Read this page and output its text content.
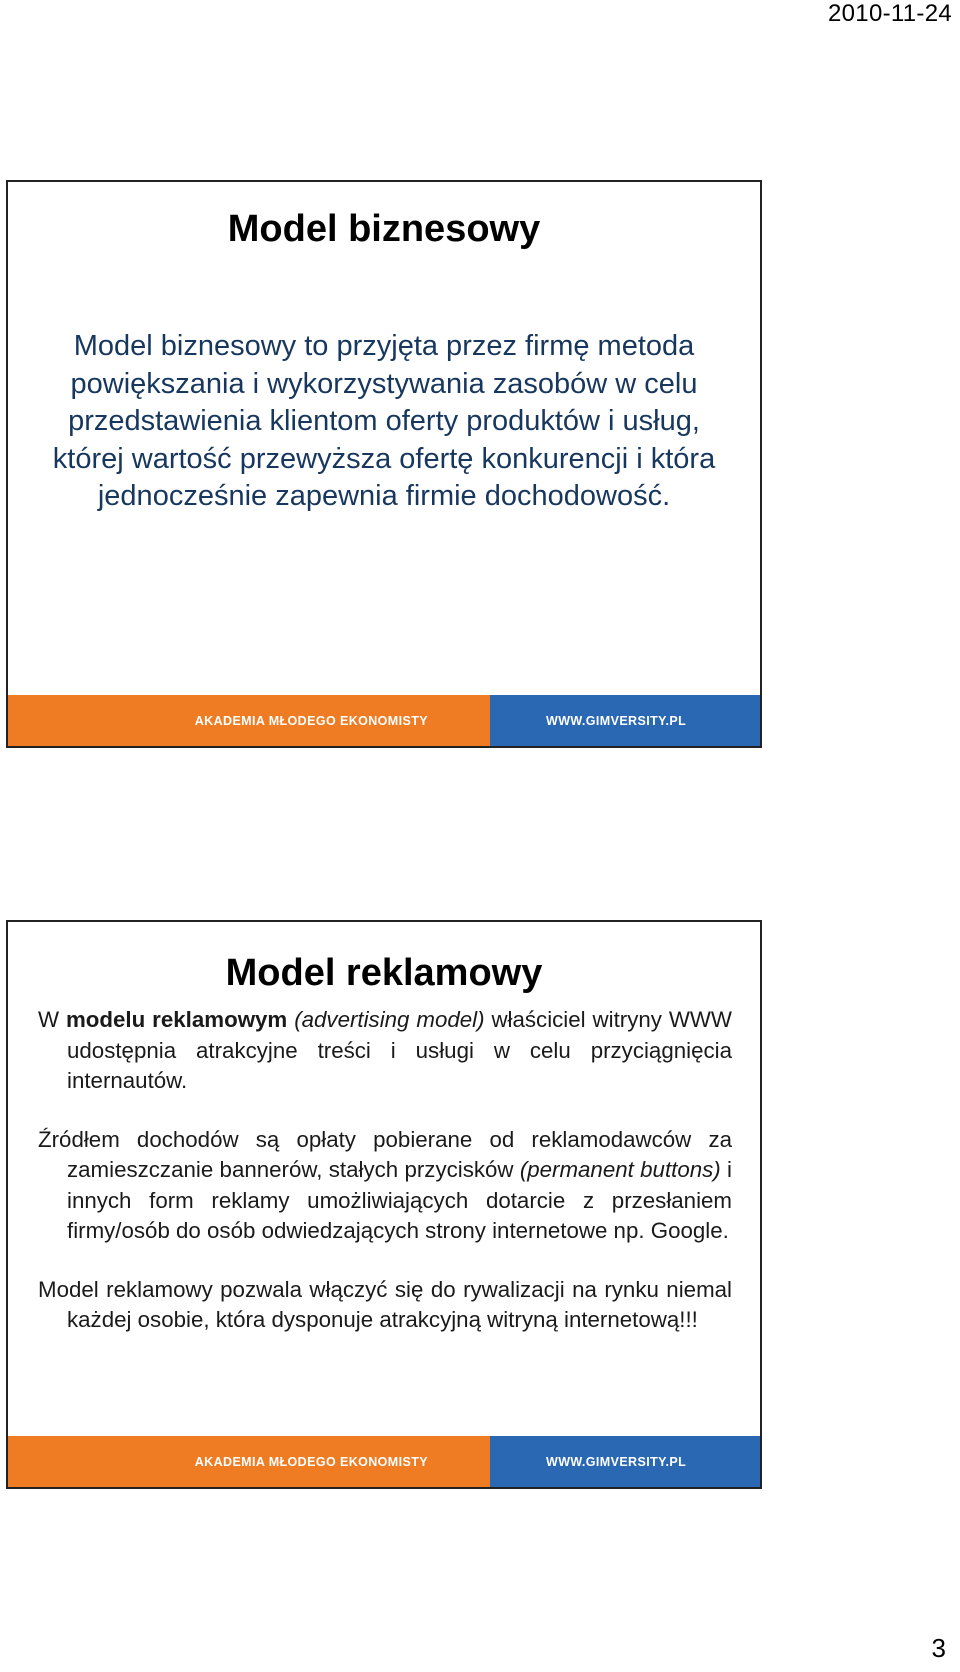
2010-11-24
Model biznesowy
Model biznesowy to przyjęta przez firmę metoda powiększania i wykorzystywania zasobów w celu przedstawienia klientom oferty produktów i usług, której wartość przewyższa ofertę konkurencji i która jednocześnie zapewnia firmie dochodowość.
AKADEMIA MŁODEGO EKONOMISTY	WWW.GIMVERSITY.PL
Model reklamowy

W modelu reklamowym (advertising model) właściciel witryny WWW udostępnia atrakcyjne treści i usługi w celu przyciągnięcia internautów.

Źródłem dochodów są opłaty pobierane od reklamodawców za zamieszczanie bannerów, stałych przycisków (permanent buttons) i innych form reklamy umożliwiających dotarcie z przesłaniem firmy/osób do osób odwiedzających strony internetowe np. Google.

Model reklamowy pozwala włączyć się do rywalizacji na rynku niemal każdej osobie, która dysponuje atrakcyjną witryną internetową!!!

AKADEMIA MŁODEGO EKONOMISTY	WWW.GIMVERSITY.PL
3
